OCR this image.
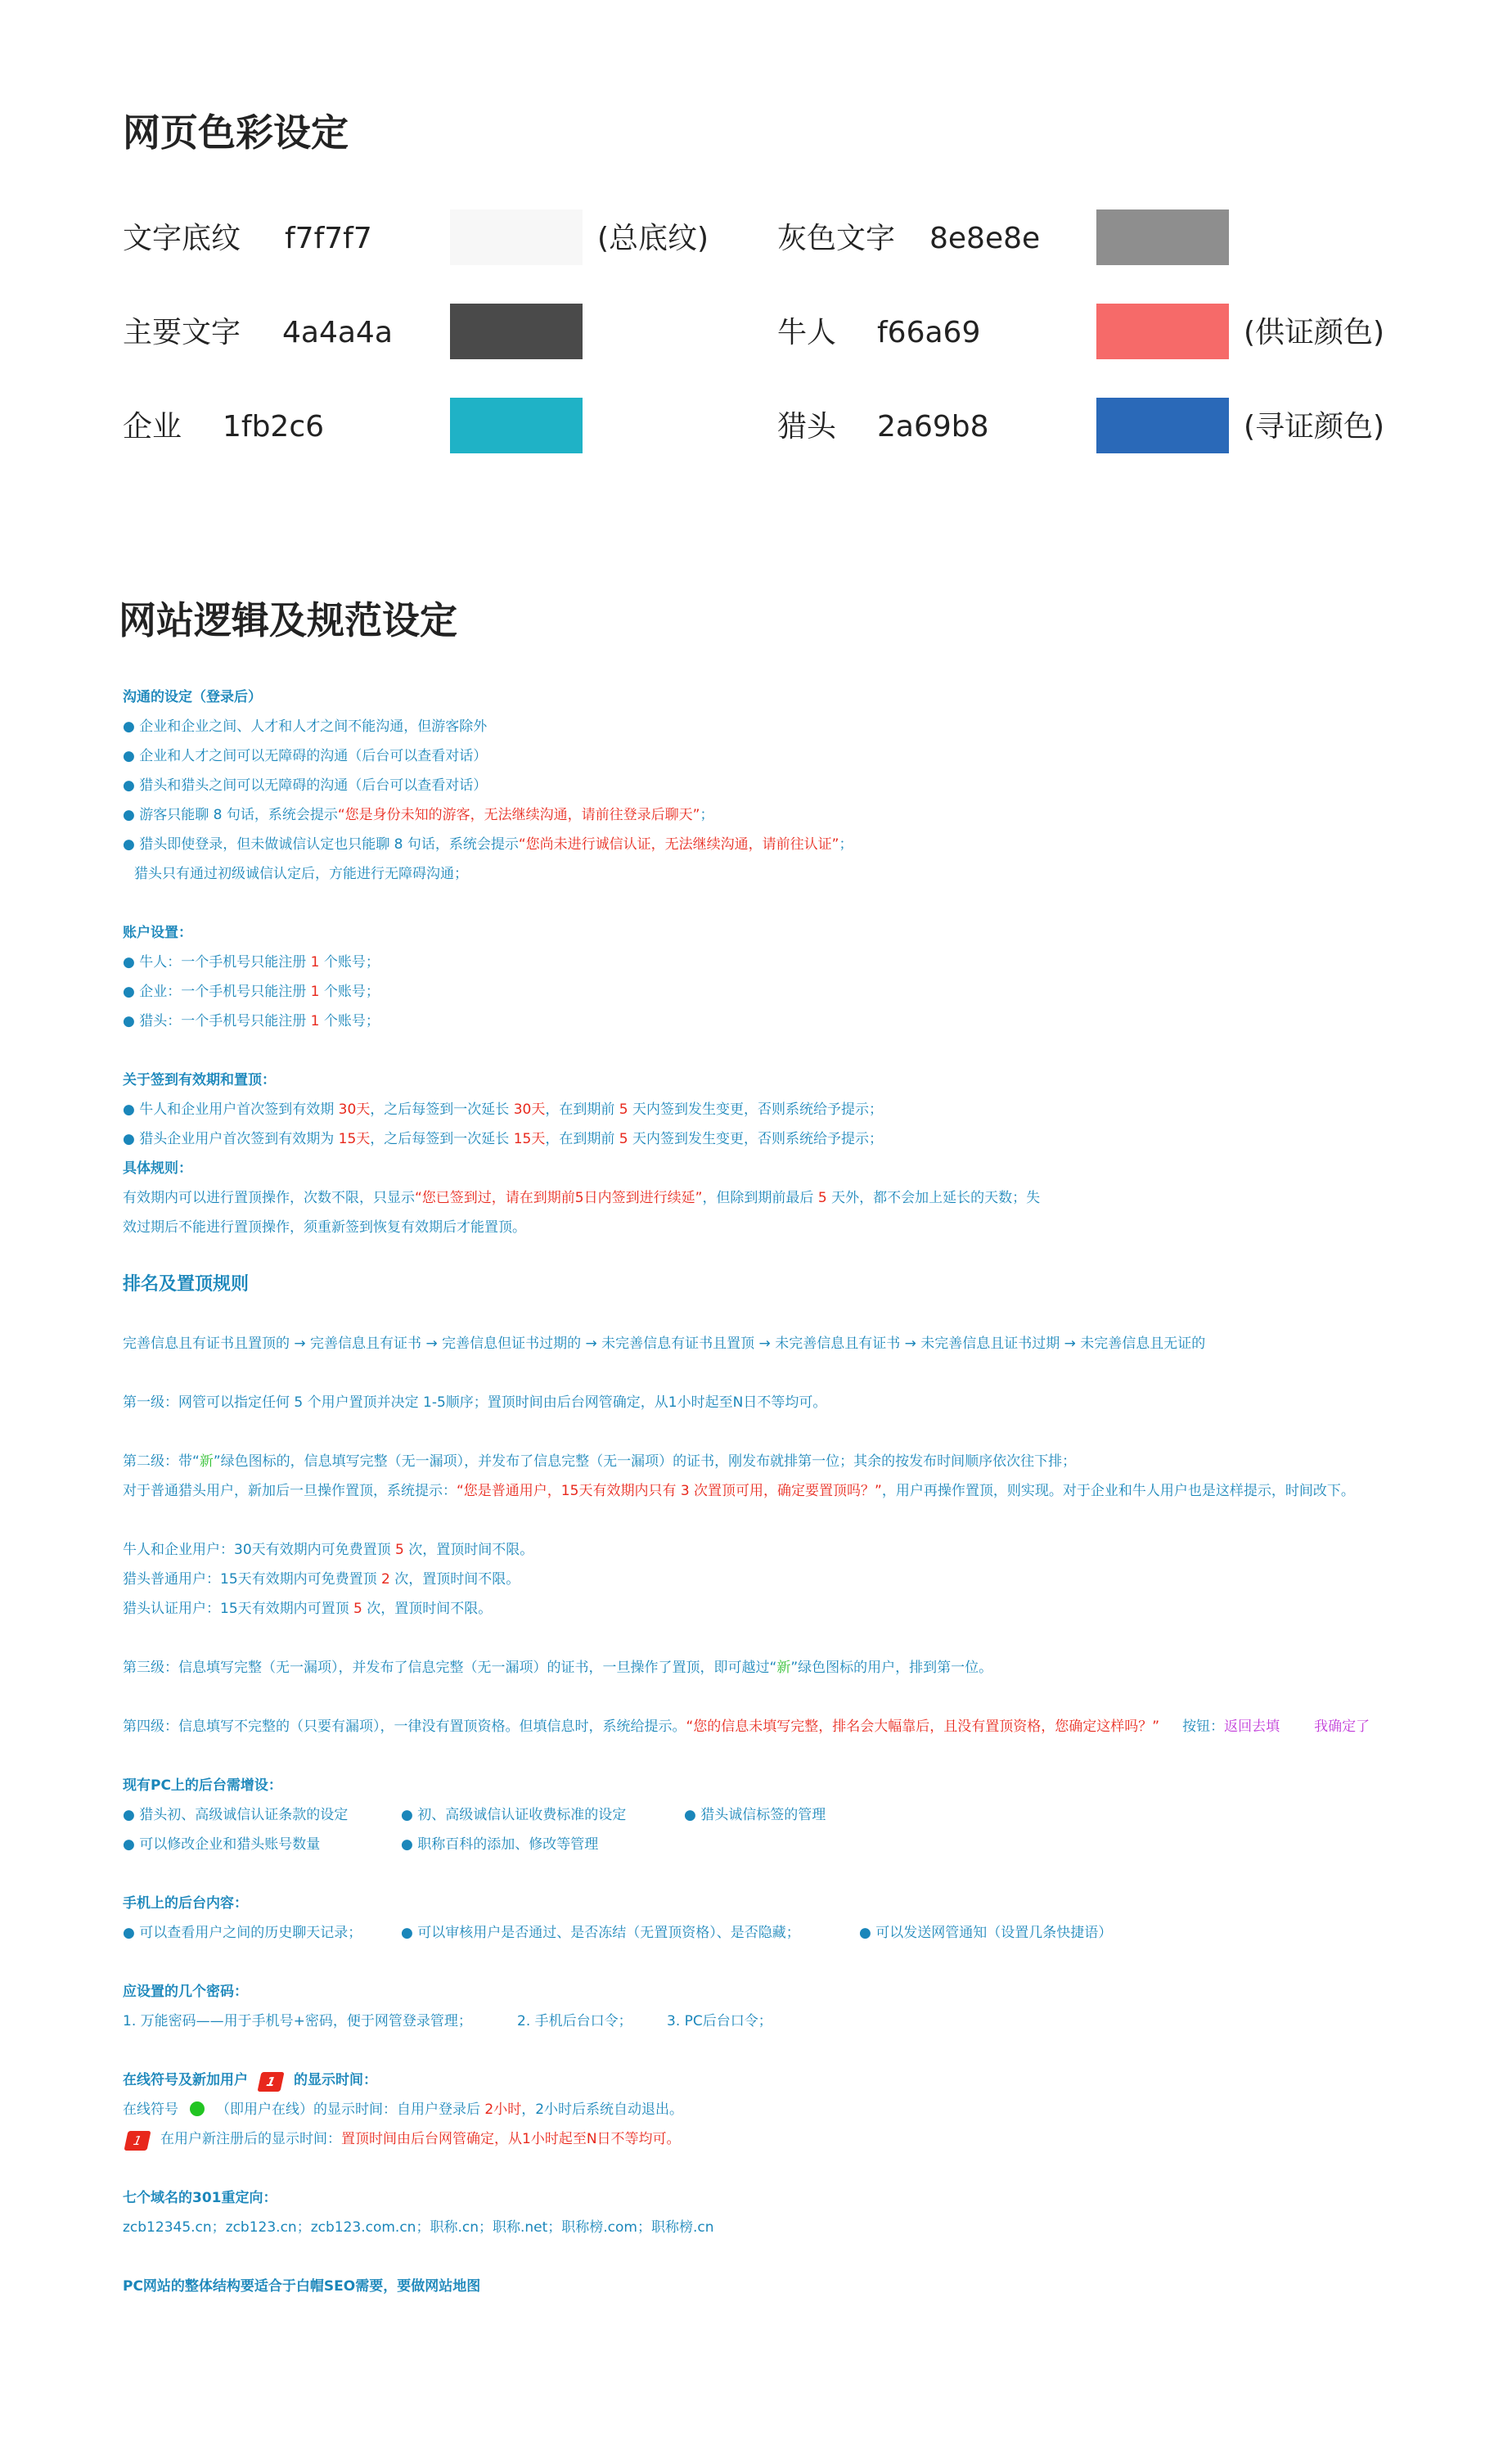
网页色彩设定
文字底纹 f7f7f7	(总底纹) 灰色文字 8e8e8e
主要文字 4a4a4a	牛人 f66a69	(供证颜色)
企业 1fb2c6	猎头 2a69b8	(寻证颜色)
网站逻辑及规范设定
沟通的设定（登录后）
● 企业和企业之间、人才和人才之间不能沟通，但游客除外
● 企业和人才之间可以无障碍的沟通（后台可以查看对话）
● 猎头和猎头之间可以无障碍的沟通（后台可以查看对话）
● 游客只能聊 8 句话，系统会提示“您是身份未知的游客，无法继续沟通，请前往登录后聊天”；
● 猎头即使登录，但未做诚信认定也只能聊 8 句话，系统会提示“您尚未进行诚信认证，无法继续沟通，请前往认证”；
猎头只有通过初级诚信认定后，方能进行无障碍沟通；
账户设置：
● 牛人：一个手机号只能注册 1 个账号；
● 企业：一个手机号只能注册 1 个账号；
● 猎头：一个手机号只能注册 1 个账号；
关于签到有效期和置顶：
● 牛人和企业用户首次签到有效期 30天，之后每签到一次延长 30天，在到期前 5 天内签到发生变更，否则系统给予提示；
● 猎头企业用户首次签到有效期为 15天，之后每签到一次延长 15天，在到期前 5 天内签到发生变更，否则系统给予提示；
具体规则：
有效期内可以进行置顶操作，次数不限，只显示“您已签到过，请在到期前5日内签到进行续延”，但除到期前最后 5 天外，都不会加上延长的天数；失
效过期后不能进行置顶操作，须重新签到恢复有效期后才能置顶。
排名及置顶规则
完善信息且有证书且置顶的 → 完善信息且有证书 → 完善信息但证书过期的 → 未完善信息有证书且置顶 → 未完善信息且有证书 → 未完善信息且证书过期 → 未完善信息且无证的
第一级：网管可以指定任何 5 个用户置顶并决定 1-5顺序；置顶时间由后台网管确定，从1小时起至N日不等均可。
第二级：带“新”绿色图标的，信息填写完整（无一漏项），并发布了信息完整（无一漏项）的证书，刚发布就排第一位；其余的按发布时间顺序依次往下排；
对于普通猎头用户，新加后一旦操作置顶，系统提示：“您是普通用户，15天有效期内只有 3 次置顶可用，确定要置顶吗？”，用户再操作置顶，则实现。对于企业和牛人用户也是这样提示，时间改下。
牛人和企业用户：30天有效期内可免费置顶 5 次，置顶时间不限。
猎头普通用户：15天有效期内可免费置顶 2 次，置顶时间不限。
猎头认证用户：15天有效期内可置顶 5 次，置顶时间不限。
第三级：信息填写完整（无一漏项），并发布了信息完整（无一漏项）的证书，一旦操作了置顶，即可越过“新”绿色图标的用户，排到第一位。
第四级：信息填写不完整的（只要有漏项），一律没有置顶资格。但填信息时，系统给提示。“您的信息未填写完整，排名会大幅靠后，且没有置顶资格，您确定这样吗？” 按钮：返回去填 我确定了
现有PC上的后台需增设：
● 猎头初、高级诚信认证条款的设定	● 初、高级诚信认证收费标准的设定	● 猎头诚信标签的管理
● 可以修改企业和猎头账号数量	● 职称百科的添加、修改等管理
手机上的后台内容：
● 可以查看用户之间的历史聊天记录；	● 可以审核用户是否通过、是否冻结（无置顶资格）、是否隐藏；	● 可以发送网管通知（设置几条快捷语）
应设置的几个密码：
1. 万能密码——用于手机号+密码，便于网管登录管理；	2. 手机后台口令； 3. PC后台口令；
在线符号及新加用户 1 的显示时间：
在线符号	（即用户在线）的显示时间：自用户登录后 2小时，2小时后系统自动退出。
1 在用户新注册后的显示时间：置顶时间由后台网管确定，从1小时起至N日不等均可。
七个域名的301重定向：
zcb12345.cn；zcb123.cn；zcb123.com.cn；职称.cn；职称.net；职称榜.com；职称榜.cn
PC网站的整体结构要适合于白帽SEO需要，要做网站地图
